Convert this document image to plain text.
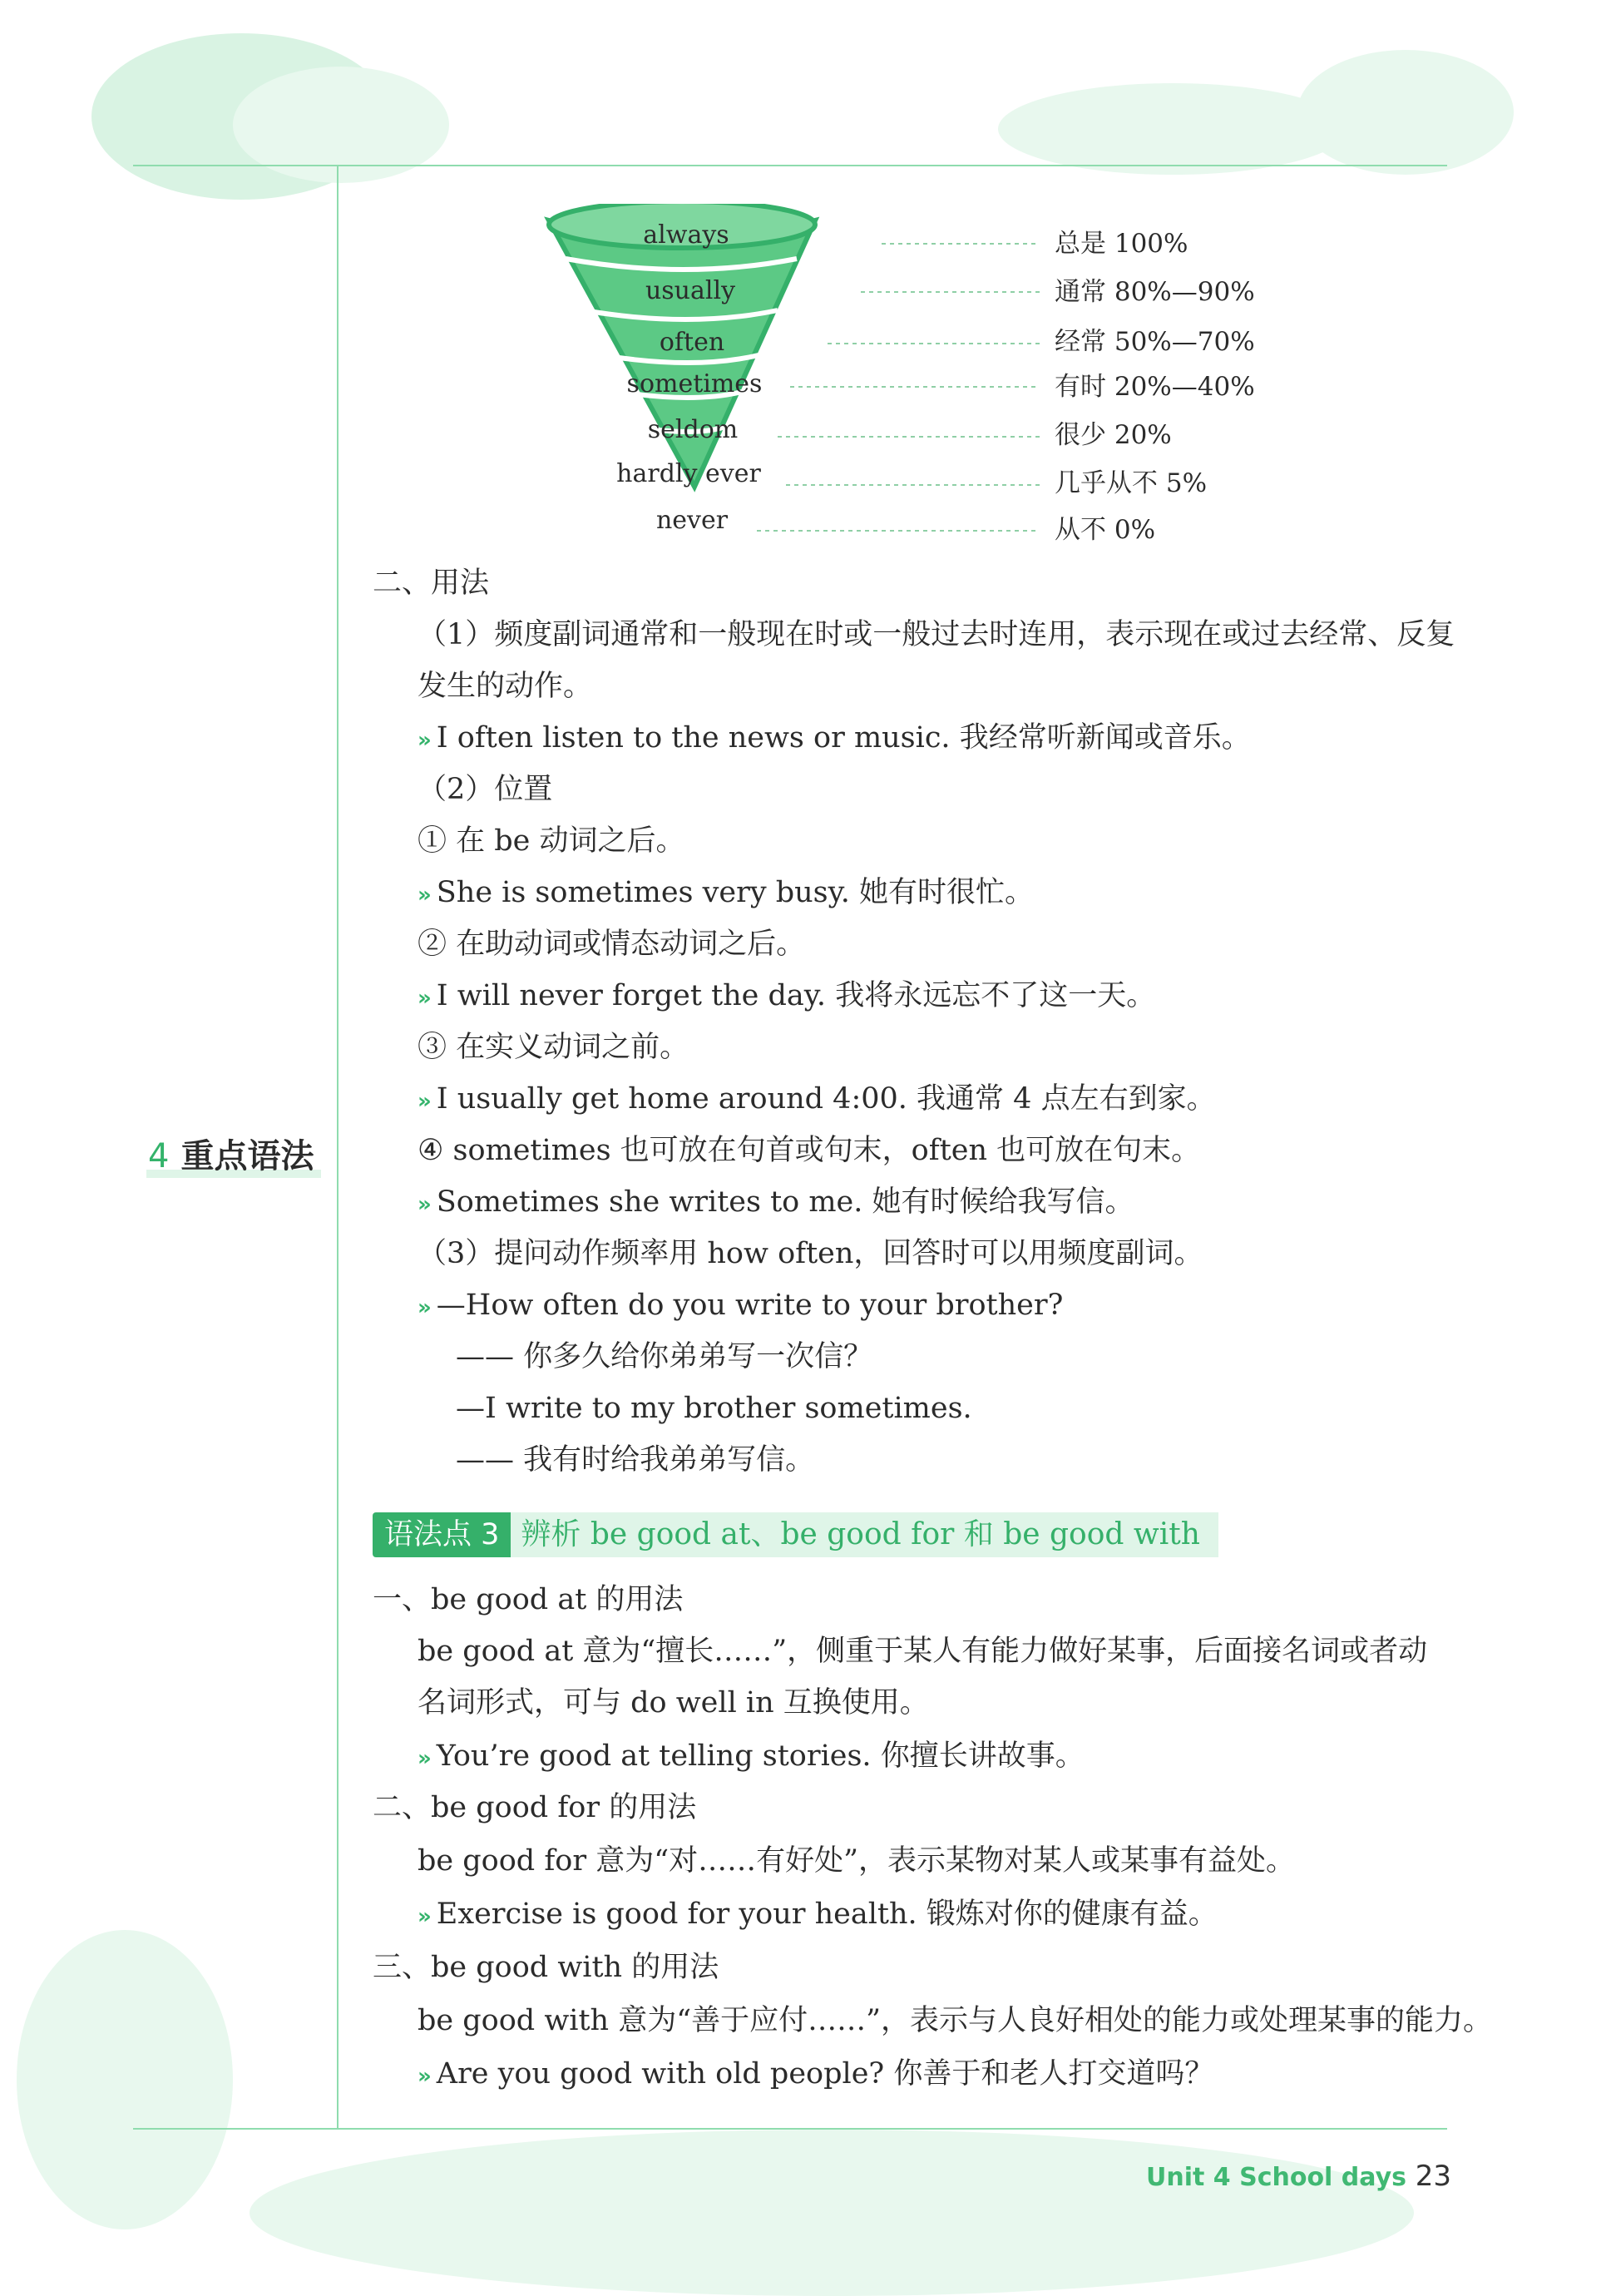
4 重点语法
always
usually
often
sometimes
seldom
hardly ever
never
总是 100%
通常 80%—90%
经常 50%—70%
有时 20%—40%
很少 20%
几乎从不 5%
从不 0%
二、用法
（1）频度副词通常和一般现在时或一般过去时连用，表示现在或过去经常、反复
发生的动作。
» I often listen to the news or music. 我经常听新闻或音乐。
（2）位置
① 在 be 动词之后。
» She is sometimes very busy. 她有时很忙。
② 在助动词或情态动词之后。
» I will never forget the day. 我将永远忘不了这一天。
③ 在实义动词之前。
» I usually get home around 4:00. 我通常 4 点左右到家。
④ sometimes 也可放在句首或句末，often 也可放在句末。
» Sometimes she writes to me. 她有时候给我写信。
（3）提问动作频率用 how often，回答时可以用频度副词。
» —How often do you write to your brother?
—— 你多久给你弟弟写一次信？
—I write to my brother sometimes.
—— 我有时给我弟弟写信。
语法点 3 辨析 be good at、be good for 和 be good with
一、be good at 的用法
be good at 意为“擅长……”，侧重于某人有能力做好某事，后面接名词或者动
名词形式，可与 do well in 互换使用。
» You’re good at telling stories. 你擅长讲故事。
二、be good for 的用法
be good for 意为“对……有好处”，表示某物对某人或某事有益处。
» Exercise is good for your health. 锻炼对你的健康有益。
三、be good with 的用法
be good with 意为“善于应付……”，表示与人良好相处的能力或处理某事的能力。
» Are you good with old people? 你善于和老人打交道吗？
Unit 4 School days 23
